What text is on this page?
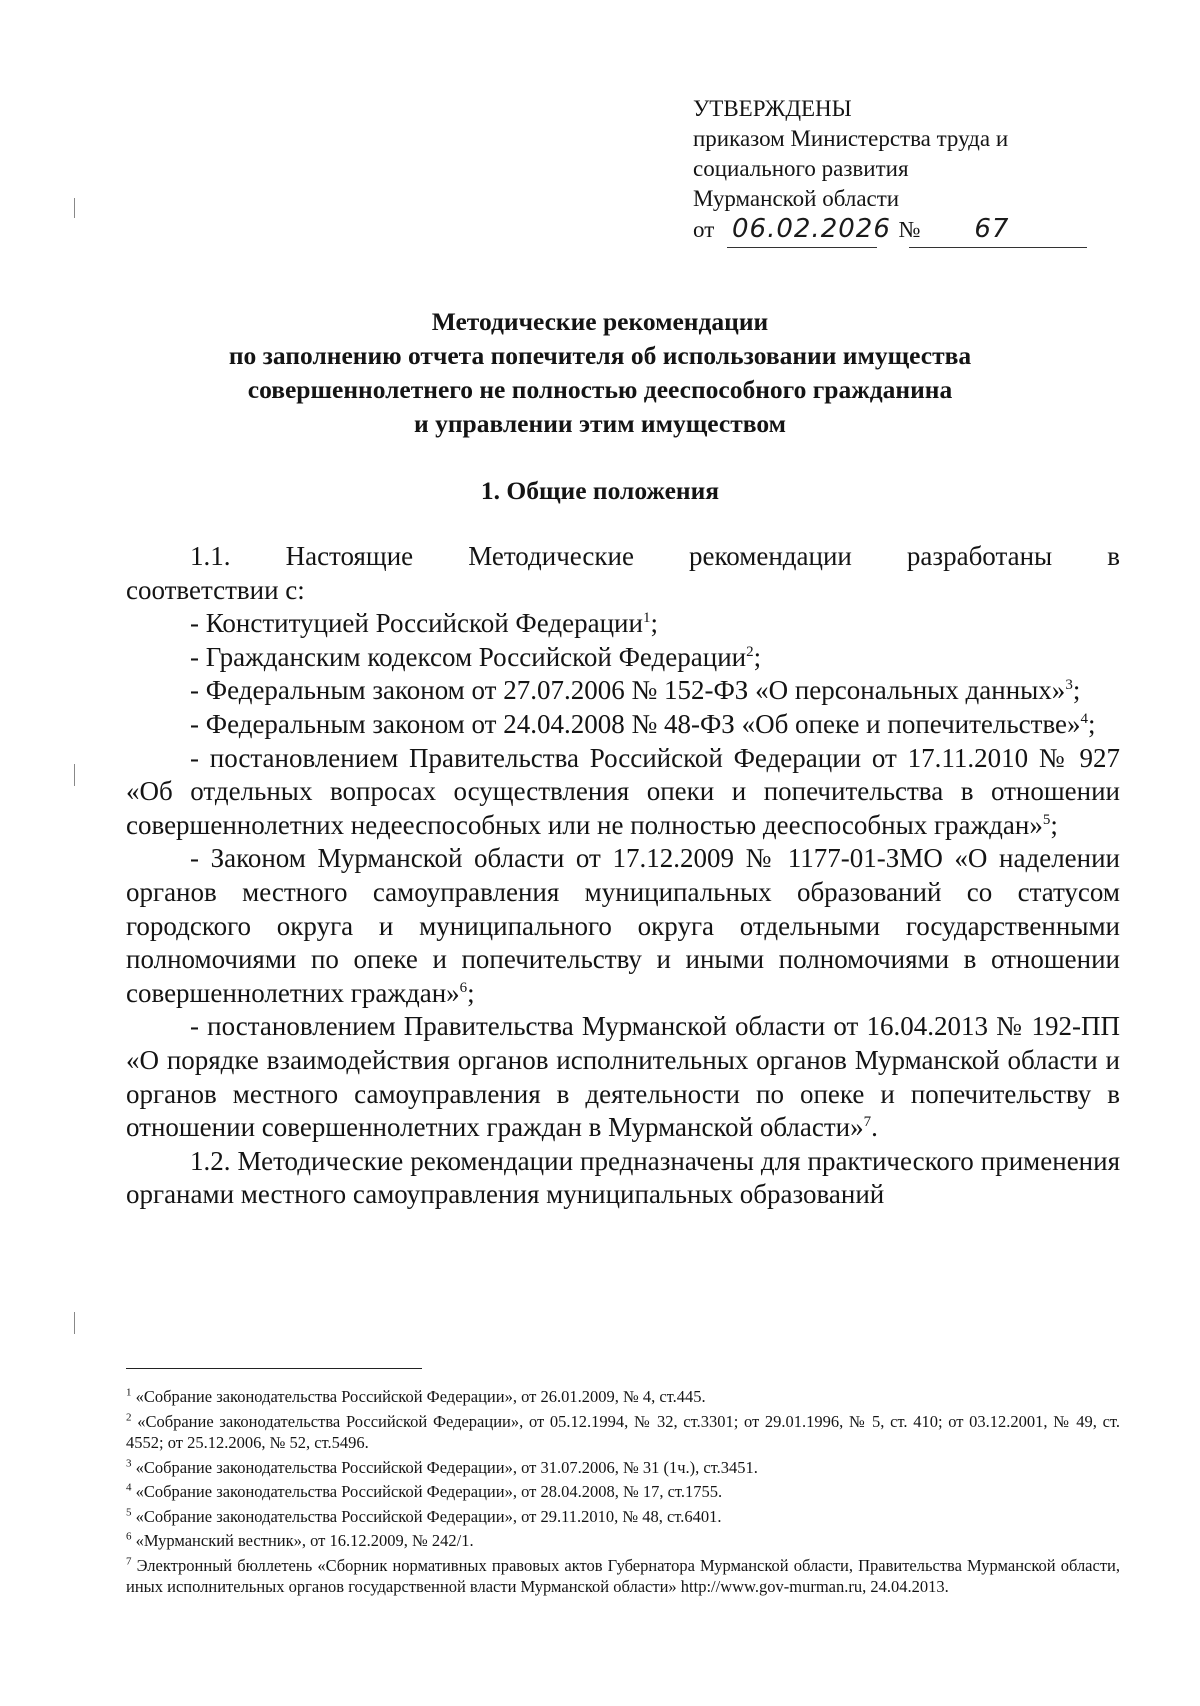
УТВЕРЖДЕНЫ
приказом Министерства труда и
социального развития
Мурманской области
от 06.02.2026 № 67
Методические рекомендации
по заполнению отчета попечителя об использовании имущества
совершеннолетнего не полностью дееспособного гражданина
и управлении этим имуществом
1. Общие положения
1.1. Настоящие Методические рекомендации разработаны в
соответствии с:
- Конституцией Российской Федерации$^1$;
- Гражданским кодексом Российской Федерации$^2$;
- Федеральным законом от 27.07.2006 № 152-ФЗ «О персональных данных»$^3$;
- Федеральным законом от 24.04.2008 № 48-ФЗ «Об опеке и попечительстве»$^4$;
- постановлением Правительства Российской Федерации от 17.11.2010 № 927 «Об отдельных вопросах осуществления опеки и попечительства в отношении совершеннолетних недееспособных или не полностью дееспособных граждан»$^5$;
- Законом Мурманской области от 17.12.2009 № 1177-01-ЗМО «О наделении органов местного самоуправления муниципальных образований со статусом городского округа и муниципального округа отдельными государственными полномочиями по опеке и попечительству и иными полномочиями в отношении совершеннолетних граждан»$^6$;
- постановлением Правительства Мурманской области от 16.04.2013 № 192-ПП «О порядке взаимодействия органов исполнительных органов Мурманской области и органов местного самоуправления в деятельности по опеке и попечительству в отношении совершеннолетних граждан в Мурманской области»$^7$.
1.2. Методические рекомендации предназначены для практического применения органами местного самоуправления муниципальных образований
$^1$ «Собрание законодательства Российской Федерации», от 26.01.2009, № 4, ст.445.
$^2$ «Собрание законодательства Российской Федерации», от 05.12.1994, № 32, ст.3301; от 29.01.1996, № 5, ст. 410; от 03.12.2001, № 49, ст. 4552; от 25.12.2006, № 52, ст.5496.
$^3$ «Собрание законодательства Российской Федерации», от 31.07.2006, № 31 (1ч.), ст.3451.
$^4$ «Собрание законодательства Российской Федерации», от 28.04.2008, № 17, ст.1755.
$^5$ «Собрание законодательства Российской Федерации», от 29.11.2010, № 48, ст.6401.
$^6$ «Мурманский вестник», от 16.12.2009, № 242/1.
$^7$ Электронный бюллетень «Сборник нормативных правовых актов Губернатора Мурманской области, Правительства Мурманской области, иных исполнительных органов государственной власти Мурманской области» http://www.gov-murman.ru, 24.04.2013.
